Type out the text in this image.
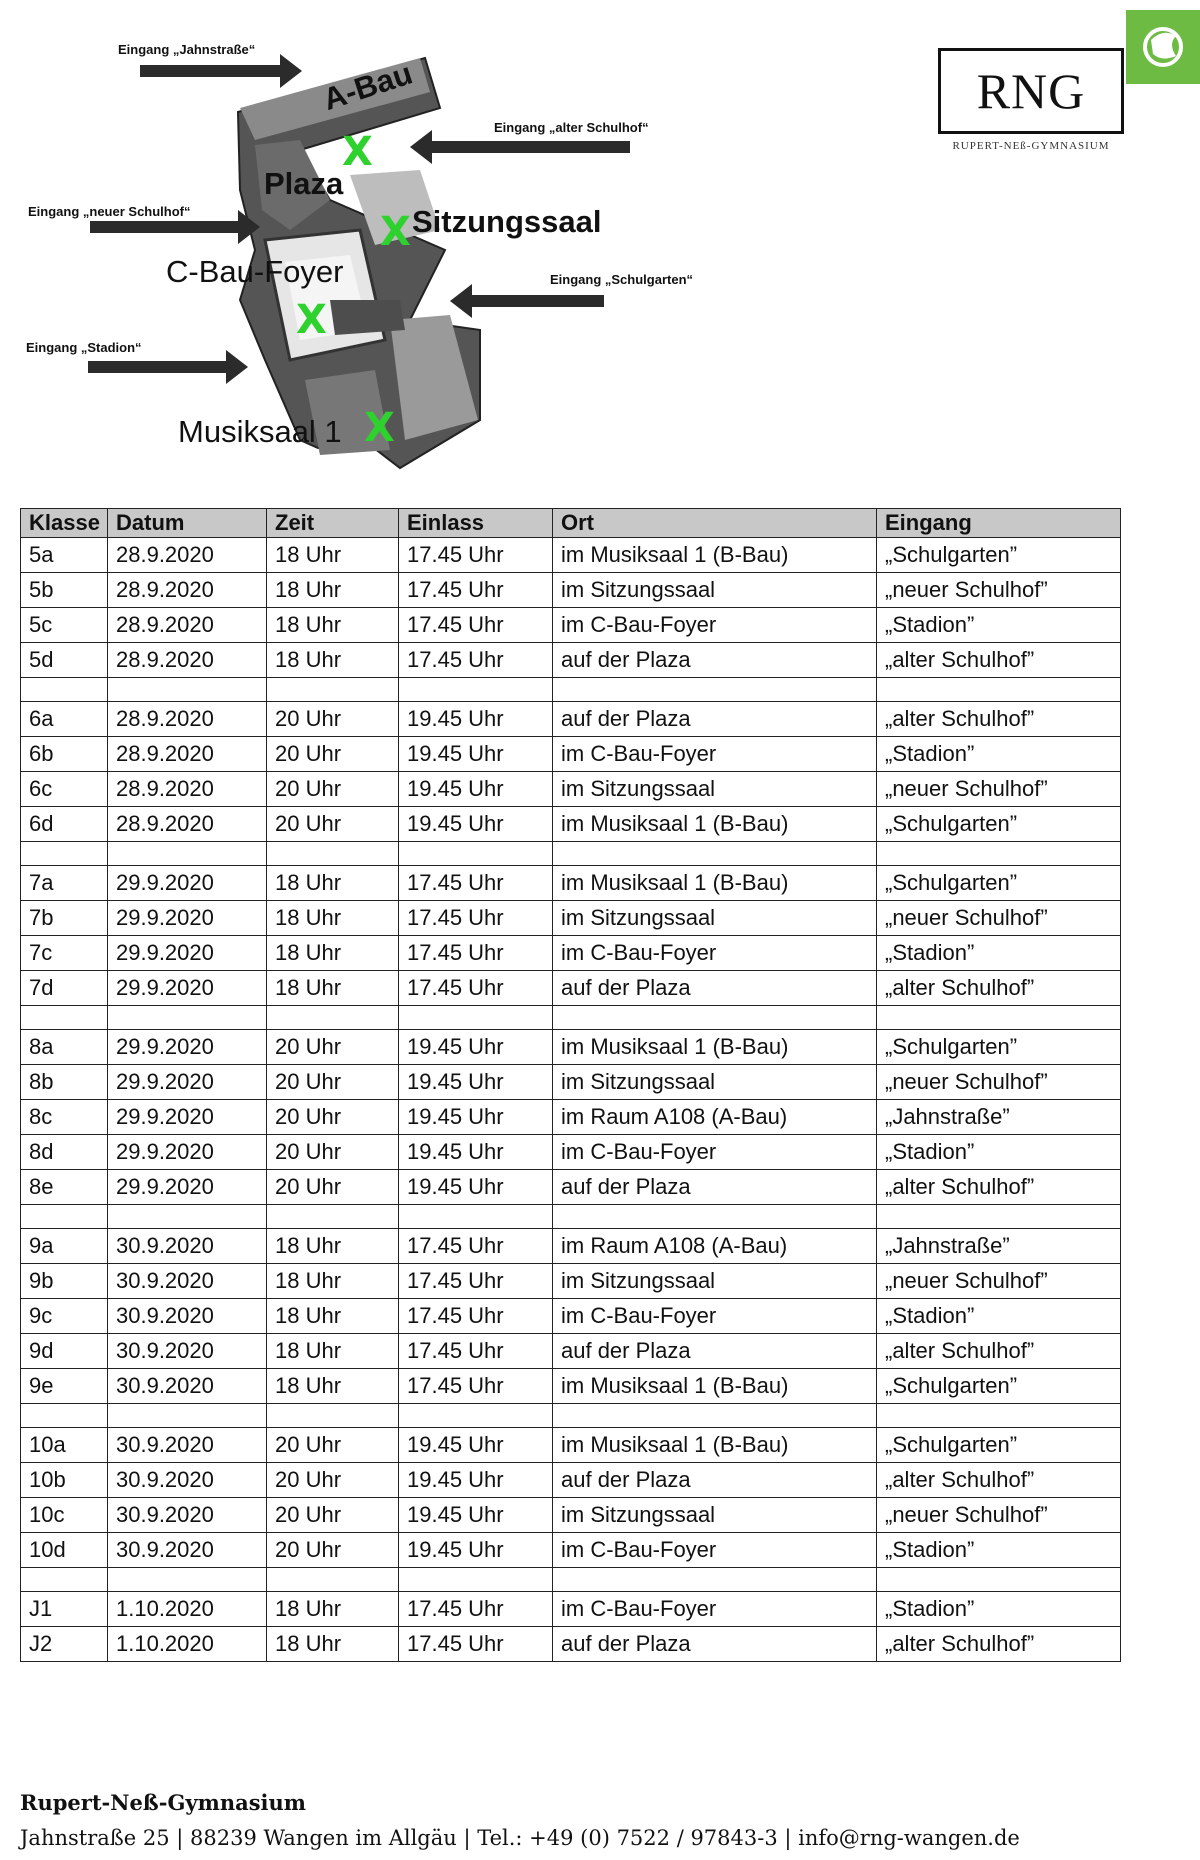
Eingang „Jahnstraße“
Eingang „alter Schulhof“
Eingang „neuer Schulhof“
Eingang „Schulgarten“
Eingang „Stadion“
A-Bau
Plaza
Sitzungssaal
C-Bau-Foyer
Musiksaal 1
X
X
X
X
RNG
RUPERT-NEß-GYMNASIUM
Klasse	Datum	Zeit	Einlass	Ort	Eingang
5a	28.9.2020	18 Uhr	17.45 Uhr	im Musiksaal 1 (B-Bau)	„Schulgarten”
5b	28.9.2020	18 Uhr	17.45 Uhr	im Sitzungssaal	„neuer Schulhof”
5c	28.9.2020	18 Uhr	17.45 Uhr	im C-Bau-Foyer	„Stadion”
5d	28.9.2020	18 Uhr	17.45 Uhr	auf der Plaza	„alter Schulhof”

6a	28.9.2020	20 Uhr	19.45 Uhr	auf der Plaza	„alter Schulhof”
6b	28.9.2020	20 Uhr	19.45 Uhr	im C-Bau-Foyer	„Stadion”
6c	28.9.2020	20 Uhr	19.45 Uhr	im Sitzungssaal	„neuer Schulhof”
6d	28.9.2020	20 Uhr	19.45 Uhr	im Musiksaal 1 (B-Bau)	„Schulgarten”

7a	29.9.2020	18 Uhr	17.45 Uhr	im Musiksaal 1 (B-Bau)	„Schulgarten”
7b	29.9.2020	18 Uhr	17.45 Uhr	im Sitzungssaal	„neuer Schulhof”
7c	29.9.2020	18 Uhr	17.45 Uhr	im C-Bau-Foyer	„Stadion”
7d	29.9.2020	18 Uhr	17.45 Uhr	auf der Plaza	„alter Schulhof”

8a	29.9.2020	20 Uhr	19.45 Uhr	im Musiksaal 1 (B-Bau)	„Schulgarten”
8b	29.9.2020	20 Uhr	19.45 Uhr	im Sitzungssaal	„neuer Schulhof”
8c	29.9.2020	20 Uhr	19.45 Uhr	im Raum A108 (A-Bau)	„Jahnstraße”
8d	29.9.2020	20 Uhr	19.45 Uhr	im C-Bau-Foyer	„Stadion”
8e	29.9.2020	20 Uhr	19.45 Uhr	auf der Plaza	„alter Schulhof”

9a	30.9.2020	18 Uhr	17.45 Uhr	im Raum A108 (A-Bau)	„Jahnstraße”
9b	30.9.2020	18 Uhr	17.45 Uhr	im Sitzungssaal	„neuer Schulhof”
9c	30.9.2020	18 Uhr	17.45 Uhr	im C-Bau-Foyer	„Stadion”
9d	30.9.2020	18 Uhr	17.45 Uhr	auf der Plaza	„alter Schulhof”
9e	30.9.2020	18 Uhr	17.45 Uhr	im Musiksaal 1 (B-Bau)	„Schulgarten”

10a	30.9.2020	20 Uhr	19.45 Uhr	im Musiksaal 1 (B-Bau)	„Schulgarten”
10b	30.9.2020	20 Uhr	19.45 Uhr	auf der Plaza	„alter Schulhof”
10c	30.9.2020	20 Uhr	19.45 Uhr	im Sitzungssaal	„neuer Schulhof”
10d	30.9.2020	20 Uhr	19.45 Uhr	im C-Bau-Foyer	„Stadion”

J1	1.10.2020	18 Uhr	17.45 Uhr	im C-Bau-Foyer	„Stadion”
J2	1.10.2020	18 Uhr	17.45 Uhr	auf der Plaza	„alter Schulhof”
Rupert-Neß-Gymnasium
Jahnstraße 25 | 88239 Wangen im Allgäu | Tel.: +49 (0) 7522 / 97843-3 | info@rng-wangen.de
